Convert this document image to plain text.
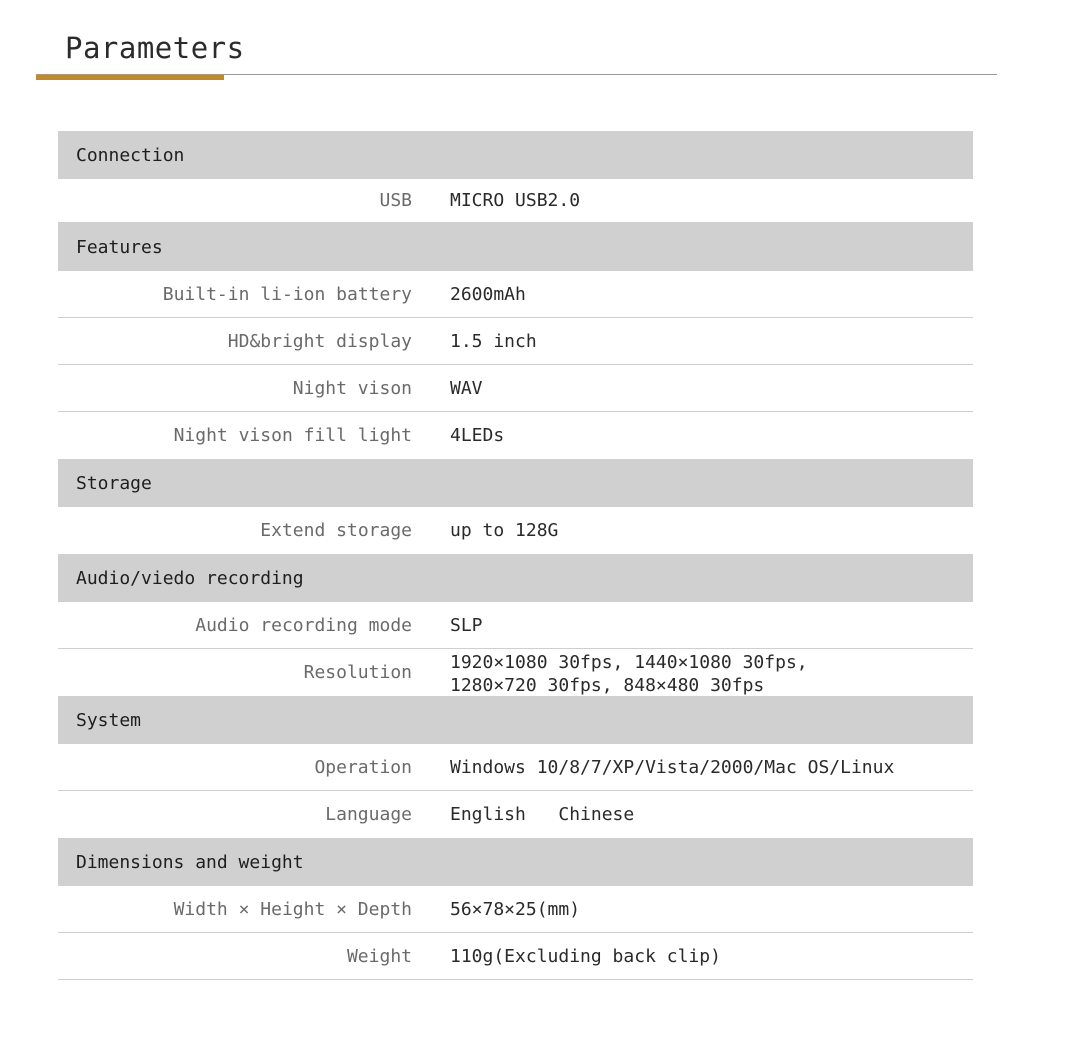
Parameters
Connection
USB	MICRO USB2.0
Features
Built-in li-ion battery	2600mAh
HD&bright display	1.5 inch
Night vison	WAV
Night vison fill light	4LEDs
Storage
Extend storage	up to 128G
Audio/viedo recording
Audio recording mode	SLP
Resolution	1920×1080 30fps, 1440×1080 30fps,
1280×720 30fps, 848×480 30fps
System
Operation	Windows 10/8/7/XP/Vista/2000/Mac OS/Linux
Language	English   Chinese
Dimensions and weight
Width × Height × Depth	56×78×25(mm)
Weight	110g(Excluding back clip)
